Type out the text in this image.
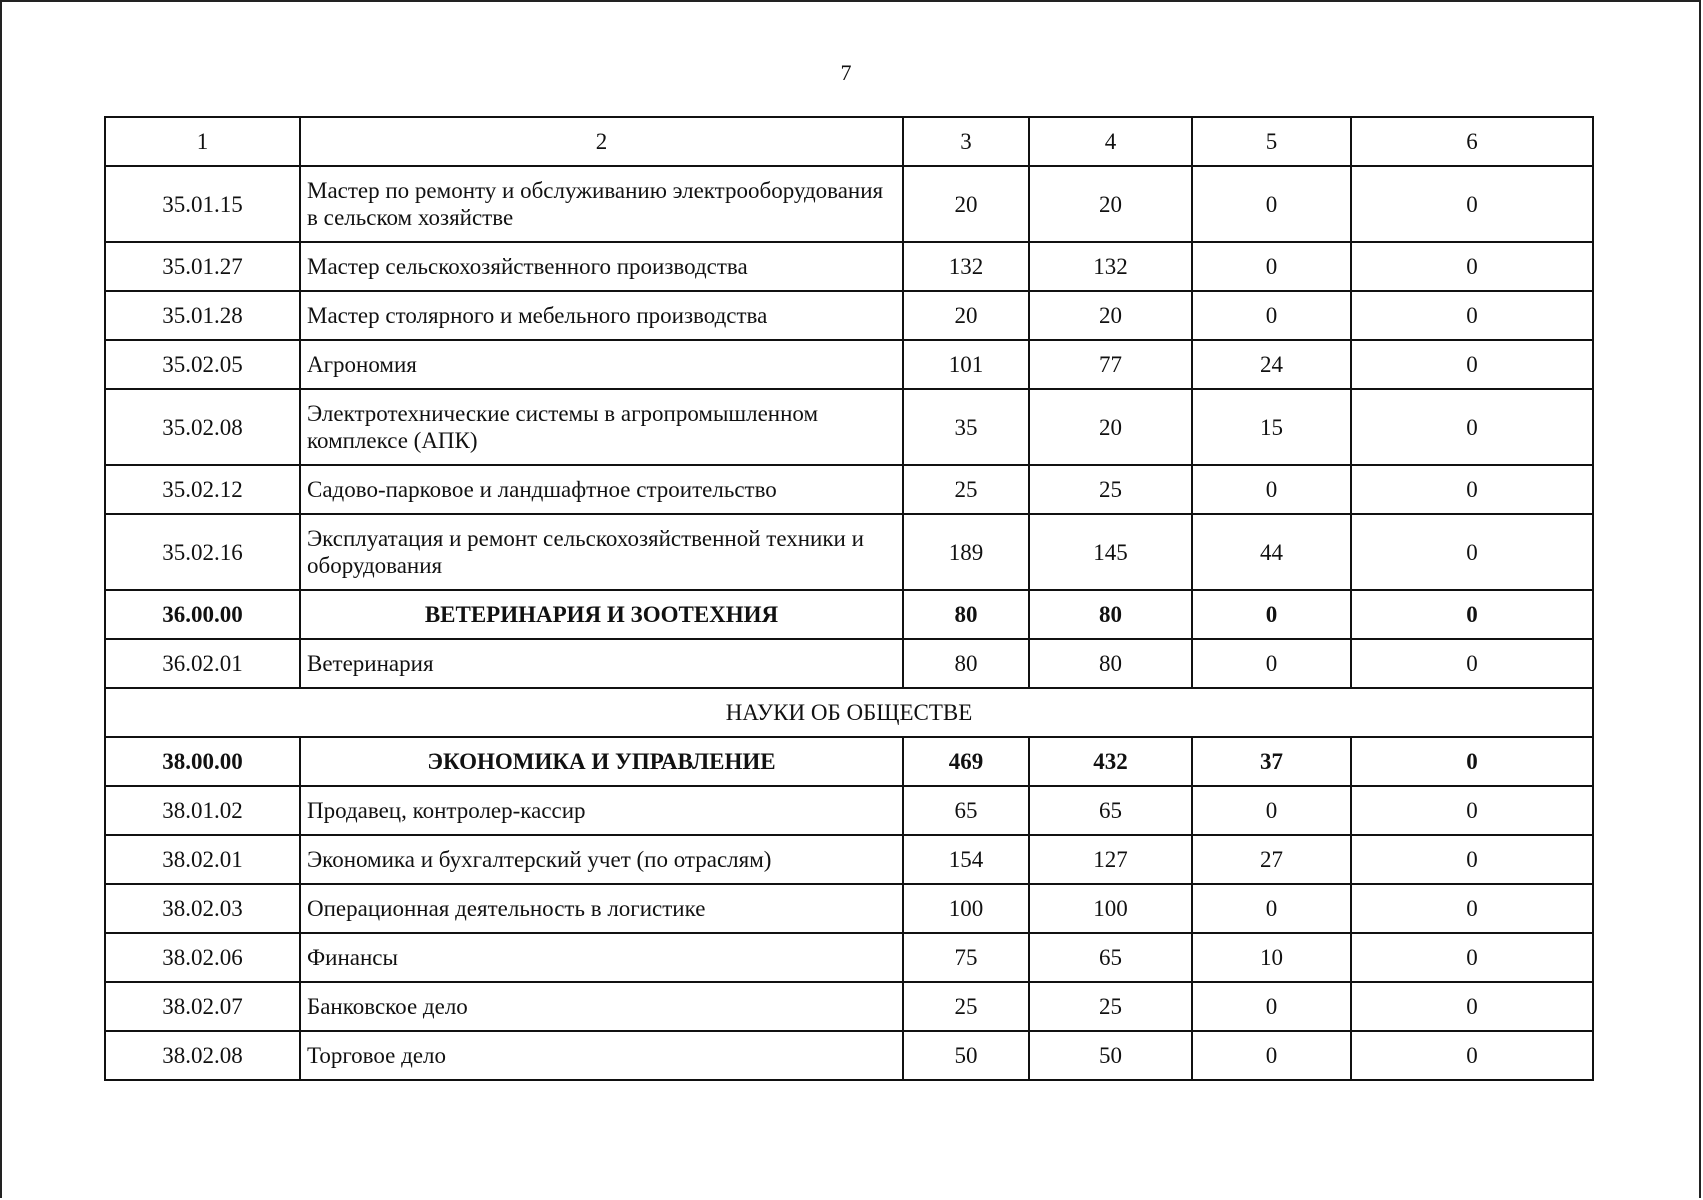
7
1	2	3	4	5	6
35.01.15	Мастер по ремонту и обслуживанию электрооборудования в сельском хозяйстве	20	20	0	0
35.01.27	Мастер сельскохозяйственного производства	132	132	0	0
35.01.28	Мастер столярного и мебельного производства	20	20	0	0
35.02.05	Агрономия	101	77	24	0
35.02.08	Электротехнические системы в агропромышленном комплексе (АПК)	35	20	15	0
35.02.12	Садово-парковое и ландшафтное строительство	25	25	0	0
35.02.16	Эксплуатация и ремонт сельскохозяйственной техники и оборудования	189	145	44	0
36.00.00	ВЕТЕРИНАРИЯ И ЗООТЕХНИЯ	80	80	0	0
36.02.01	Ветеринария	80	80	0	0
НАУКИ ОБ ОБЩЕСТВЕ					
38.00.00	ЭКОНОМИКА И УПРАВЛЕНИЕ	469	432	37	0
38.01.02	Продавец, контролер-кассир	65	65	0	0
38.02.01	Экономика и бухгалтерский учет (по отраслям)	154	127	27	0
38.02.03	Операционная деятельность в логистике	100	100	0	0
38.02.06	Финансы	75	65	10	0
38.02.07	Банковское дело	25	25	0	0
38.02.08	Торговое дело	50	50	0	0
